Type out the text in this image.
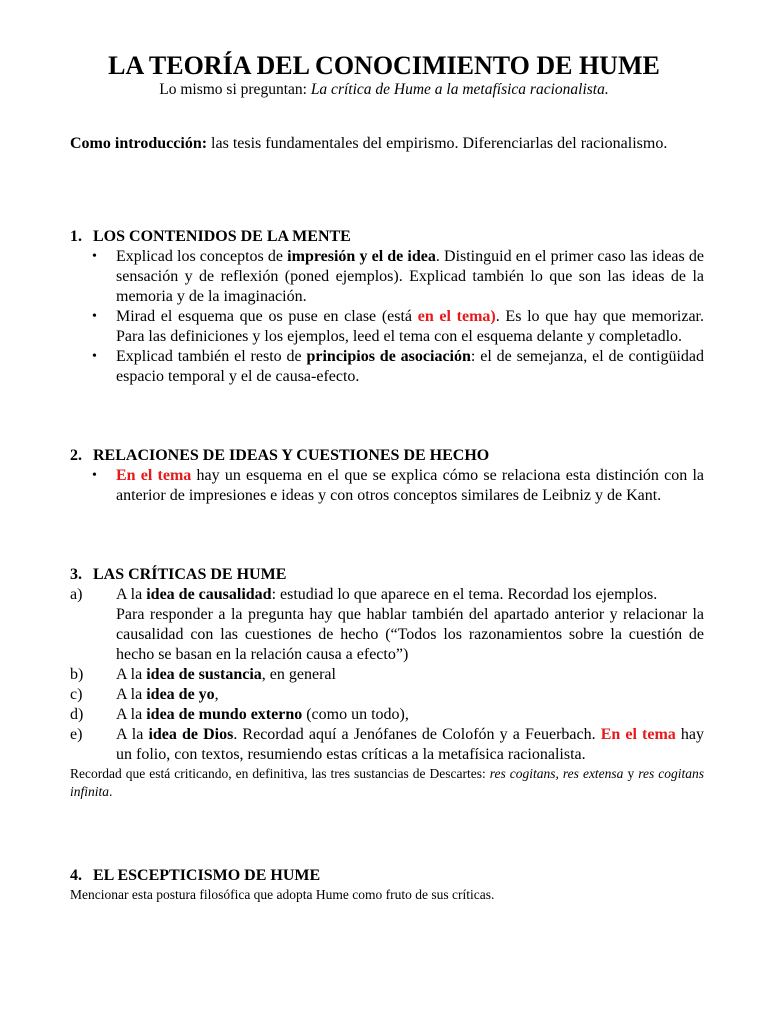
LA TEORÍA DEL CONOCIMIENTO DE HUME
Lo mismo si preguntan: La crítica de Hume a la metafísica racionalista.
Como introducción: las tesis fundamentales del empirismo. Diferenciarlas del racionalismo.
1. LOS CONTENIDOS DE LA MENTE
• Explicad los conceptos de impresión y el de idea. Distinguid en el primer caso las ideas de sensación y de reflexión (poned ejemplos). Explicad también lo que son las ideas de la memoria y de la imaginación.
• Mirad el esquema que os puse en clase (está en el tema). Es lo que hay que memorizar. Para las definiciones y los ejemplos, leed el tema con el esquema delante y completadlo.
• Explicad también el resto de principios de asociación: el de semejanza, el de contigüidad espacio temporal y el de causa-efecto.
2. RELACIONES DE IDEAS Y CUESTIONES DE HECHO
• En el tema hay un esquema en el que se explica cómo se relaciona esta distinción con la anterior de impresiones e ideas y con otros conceptos similares de Leibniz y de Kant.
3. LAS CRÍTICAS DE HUME
a) A la idea de causalidad: estudiad lo que aparece en el tema. Recordad los ejemplos.
Para responder a la pregunta hay que hablar también del apartado anterior y relacionar la causalidad con las cuestiones de hecho (“Todos los razonamientos sobre la cuestión de hecho se basan en la relación causa a efecto”)
b) A la idea de sustancia, en general
c) A la idea de yo,
d) A la idea de mundo externo (como un todo),
e) A la idea de Dios. Recordad aquí a Jenófanes de Colofón y a Feuerbach. En el tema hay un folio, con textos, resumiendo estas críticas a la metafísica racionalista.
Recordad que está criticando, en definitiva, las tres sustancias de Descartes: res cogitans, res extensa y res cogitans infinita.
4. EL ESCEPTICISMO DE HUME
Mencionar esta postura filosófica que adopta Hume como fruto de sus críticas.
